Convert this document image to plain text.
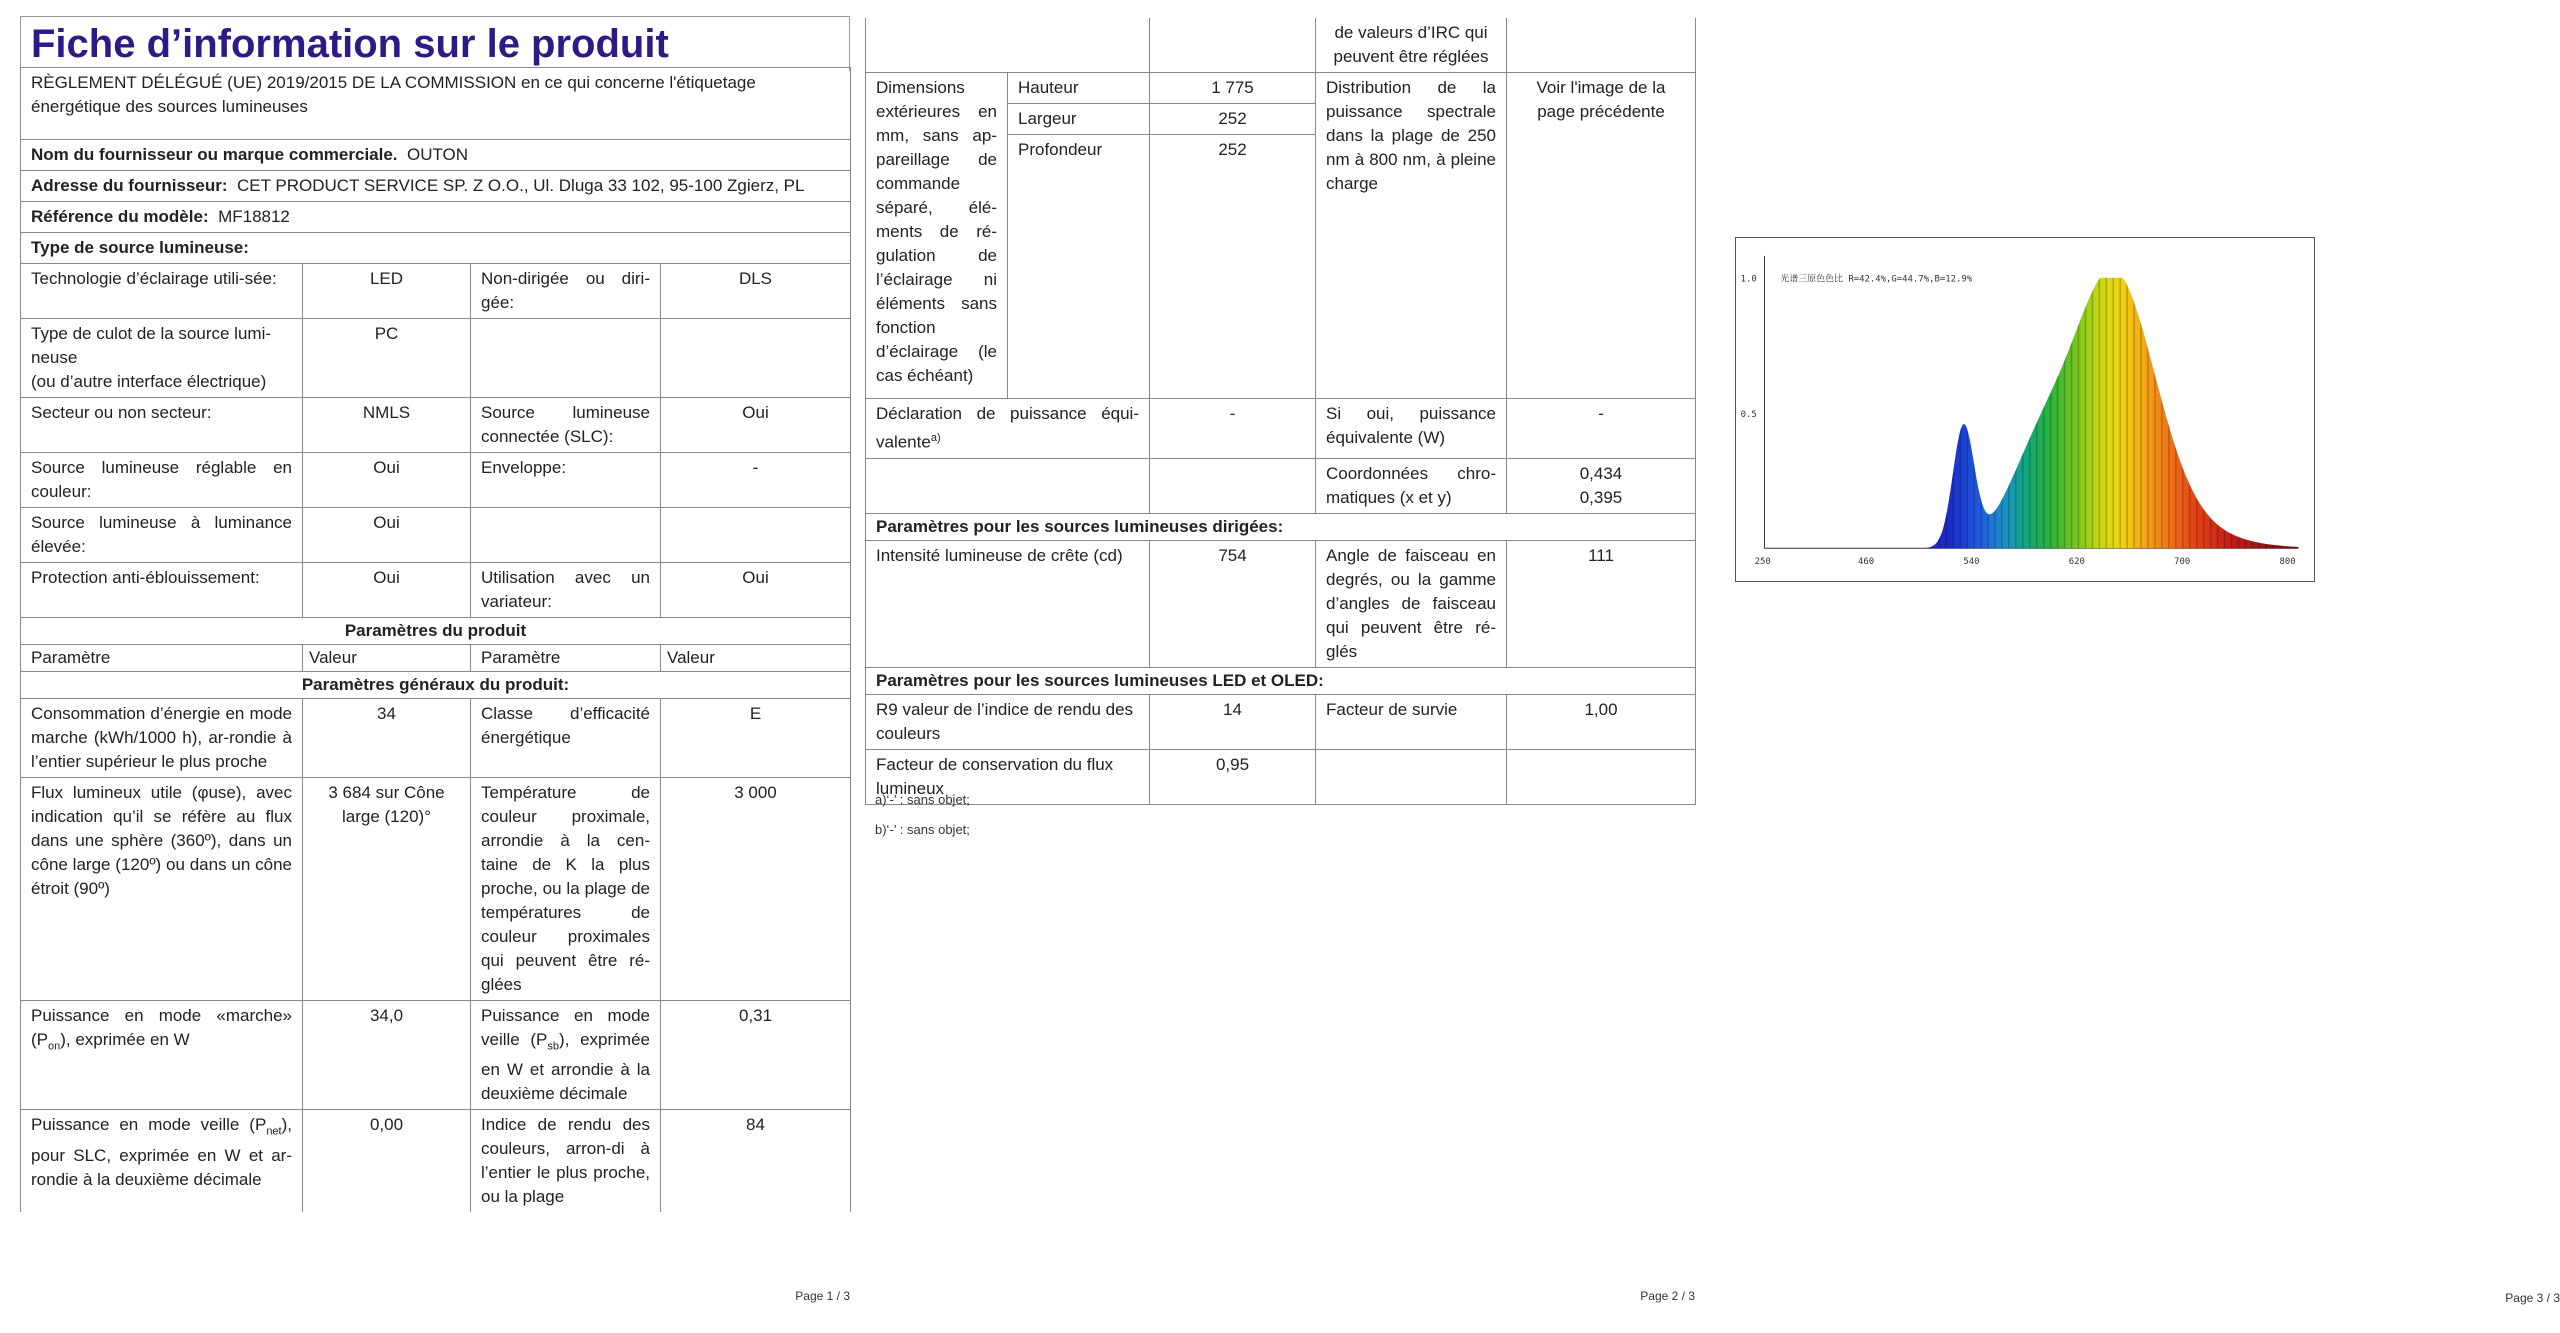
Fiche d’information sur le produit
RÈGLEMENT DÉLÉGUÉ (UE) 2019/2015 DE LA COMMISSION en ce qui concerne l'étiquetage énergétique des sources lumineuses			
Nom du fournisseur ou marque commerciale. OUTON			
Adresse du fournisseur: CET PRODUCT SERVICE SP. Z O.O., Ul. Dluga 33 102, 95-100 Zgierz, PL			
Référence du modèle: MF18812			
Type de source lumineuse:			
Technologie d’éclairage utili-sée:	LED	Non-dirigée ou diri-gée:	DLS

Type de culot de la source lumi-neuse
(ou d’autre interface électrique)	PC		
Secteur ou non secteur:	NMLS	Source lumineuse connectée (SLC):	Oui
Source lumineuse réglable en couleur:	Oui	Enveloppe:	-
Source lumineuse à luminance élevée:	Oui		
Protection anti-éblouissement:	Oui	Utilisation avec un variateur:	Oui
Paramètres du produit			
Paramètre	Valeur	Paramètre	Valeur
Paramètres généraux du produit:			
Consommation d’énergie en mode marche (kWh/1000 h), ar-rondie à l’entier supérieur le plus proche	34	Classe d’efficacité énergétique	E
Flux lumineux utile (φuse), avec indication qu’il se réfère au flux dans une sphère (360º), dans un cône large (120º) ou dans un cône étroit (90º)	3 684 sur Cône large (120)°	Température de couleur proximale, arrondie à la cen-taine de K la plus proche, ou la plage de températures de couleur proximales qui peuvent être ré-glées	3 000
Puissance en mode «marche» $(P_{on})$, exprimée en W	34,0	Puissance en mode veille $(P_{sb})$, exprimée en W et arrondie à la deuxième décimale	0,31
Puissance en mode veille $(P_{net})$, pour SLC, exprimée en W et ar-rondie à la deuxième décimale	0,00	Indice de rendu des couleurs, arron-di à l’entier le plus proche, ou la plage	84
Page 1 / 3	Page 2 / 3
			de valeurs d’IRC qui peuvent être réglées	
Dimensions extérieures en mm, sans ap-pareillage de commande séparé, élé-ments de ré-gulation de l’éclairage ni éléments sans fonction d’éclairage (le cas échéant)	Hauteur	1 775	Distribution de la puissance spectrale dans la plage de 250 nm à 800 nm, à pleine charge	Voir l'image de la page précédente
	Largeur	252		
	Profondeur	252		
Déclaration de puissance équi-valente$^{a)}$		-	Si oui, puissance équivalente (W)	-
			Coordonnées chro-matiques (x et y)	0,434
0,395

Paramètres pour les sources lumineuses dirigées:				
Intensité lumineuse de crête (cd)		754	Angle de faisceau en degrés, ou la gamme d’angles de faisceau qui peuvent être ré-glés	111
Paramètres pour les sources lumineuses LED et OLED:				
R9 valeur de l’indice de rendu des couleurs		14	Facteur de survie	1,00
Facteur de conservation du flux lumineux		0,95		
a)‘-’ : sans objet;
b)‘-’ : sans objet;
Page 3 / 3
1.0
0.5
光谱三原色色比 R=42.4%,G=44.7%,B=12.9%
250	460	540	620	700	800
